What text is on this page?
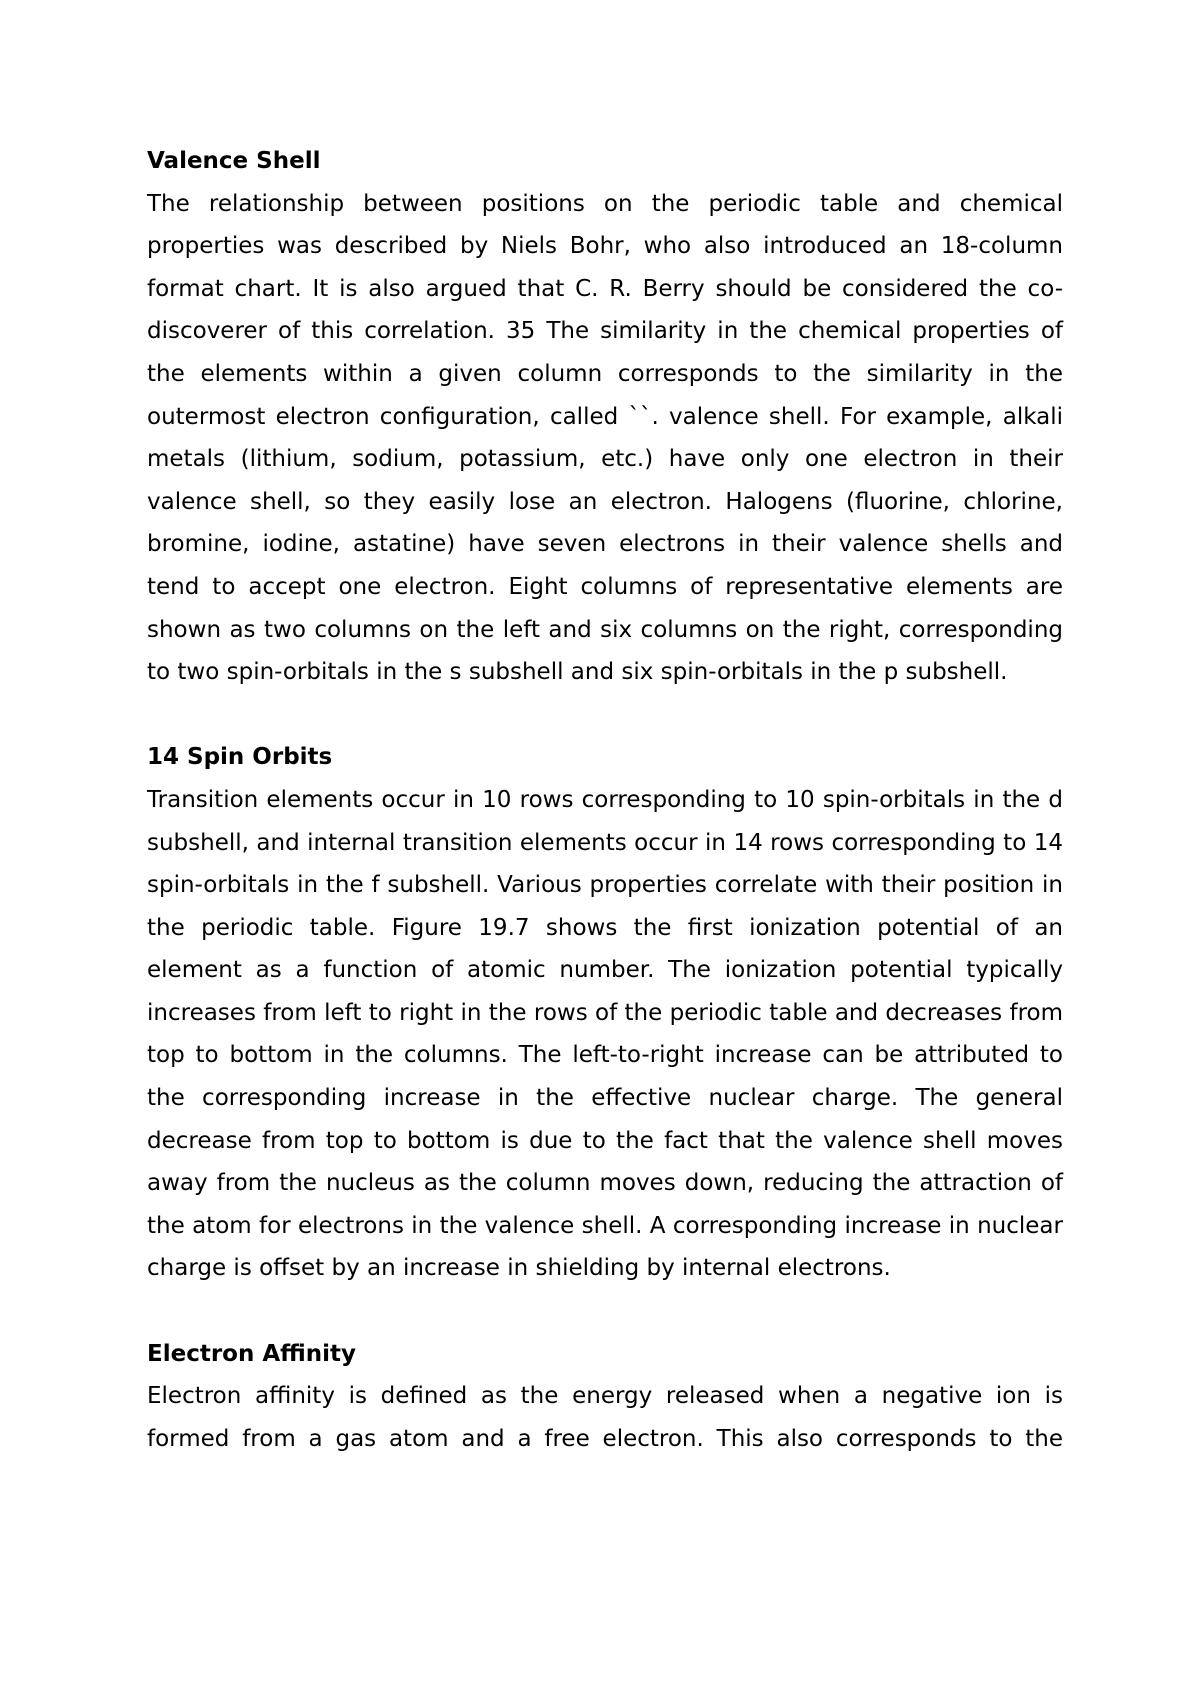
Valence Shell

The relationship between positions on the periodic table and chemical properties was described by Niels Bohr, who also introduced an 18-column format chart. It is also argued that C. R. Berry should be considered the co-discoverer of this correlation. 35 The similarity in the chemical properties of the elements within a given column corresponds to the similarity in the outermost electron configuration, called ``. valence shell. For example, alkali metals (lithium, sodium, potassium, etc.) have only one electron in their valence shell, so they easily lose an electron. Halogens (fluorine, chlorine, bromine, iodine, astatine) have seven electrons in their valence shells and tend to accept one electron. Eight columns of representative elements are shown as two columns on the left and six columns on the right, corresponding to two spin-orbitals in the s subshell and six spin-orbitals in the p subshell.

14 Spin Orbits

Transition elements occur in 10 rows corresponding to 10 spin-orbitals in the d subshell, and internal transition elements occur in 14 rows corresponding to 14 spin-orbitals in the f subshell. Various properties correlate with their position in the periodic table. Figure 19.7 shows the first ionization potential of an element as a function of atomic number. The ionization potential typically increases from left to right in the rows of the periodic table and decreases from top to bottom in the columns. The left-to-right increase can be attributed to the corresponding increase in the effective nuclear charge. The general decrease from top to bottom is due to the fact that the valence shell moves away from the nucleus as the column moves down, reducing the attraction of the atom for electrons in the valence shell. A corresponding increase in nuclear charge is offset by an increase in shielding by internal electrons.

Electron Affinity

Electron affinity is defined as the energy released when a negative ion is formed from a gas atom and a free electron. This also corresponds to the
